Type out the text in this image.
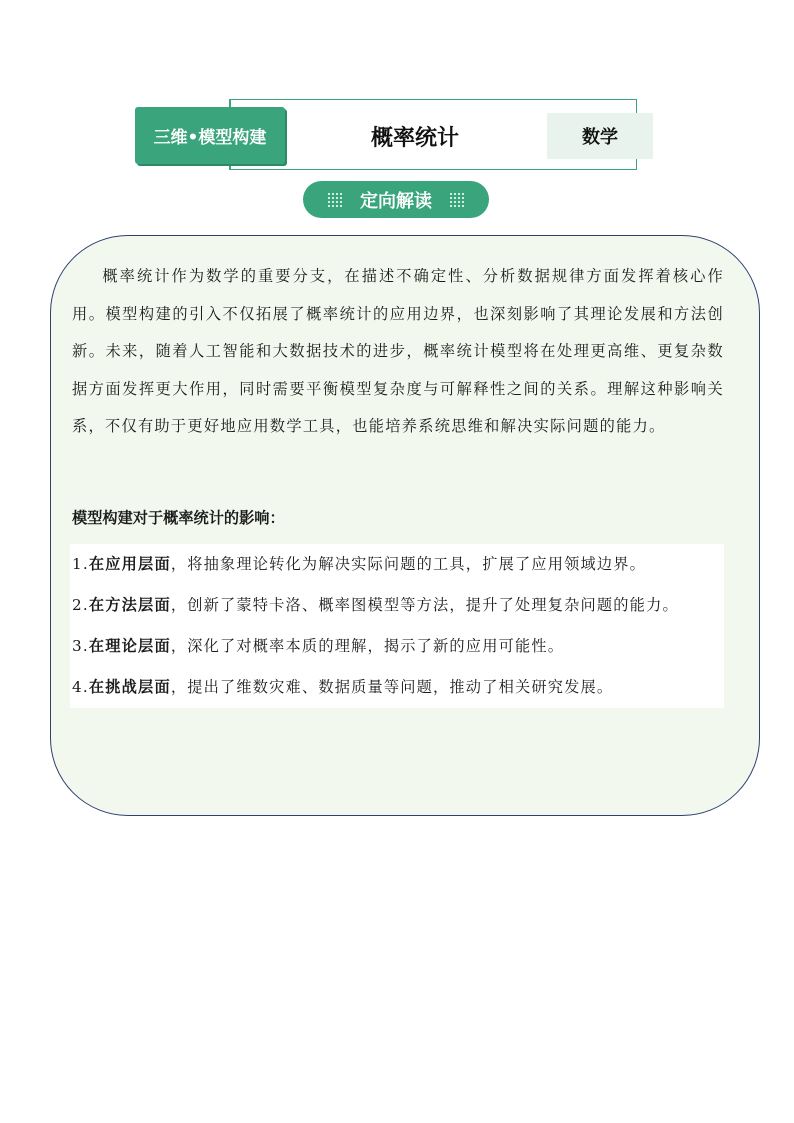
三维•模型构建	概率统计	数学
定向解读

概率统计作为数学的重要分支，在描述不确定性、分析数据规律方面发挥着核心作用。模型构建的引入不仅拓展了概率统计的应用边界，也深刻影响了其理论发展和方法创新。未来，随着人工智能和大数据技术的进步，概率统计模型将在处理更高维、更复杂数据方面发挥更大作用，同时需要平衡模型复杂度与可解释性之间的关系。理解这种影响关系，不仅有助于更好地应用数学工具，也能培养系统思维和解决实际问题的能力。

模型构建对于概率统计的影响：

1.在应用层面，将抽象理论转化为解决实际问题的工具，扩展了应用领域边界。
2.在方法层面，创新了蒙特卡洛、概率图模型等方法，提升了处理复杂问题的能力。
3.在理论层面，深化了对概率本质的理解，揭示了新的应用可能性。
4.在挑战层面，提出了维数灾难、数据质量等问题，推动了相关研究发展。
